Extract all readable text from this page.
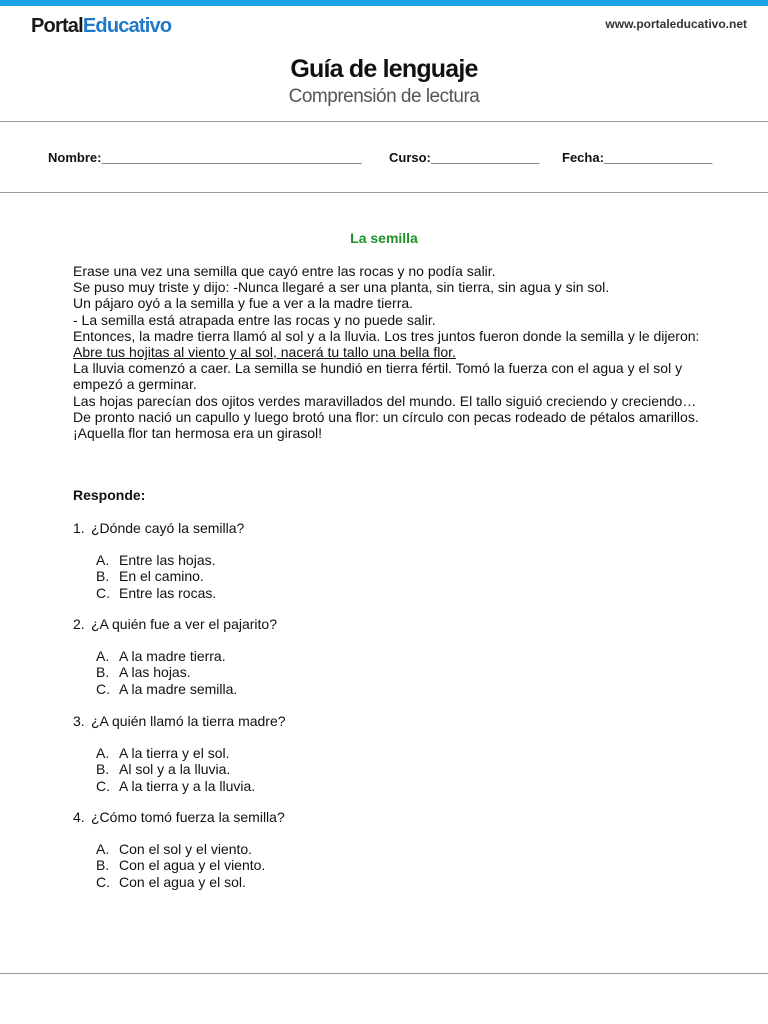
PortalEducativo	www.portaleducativo.net
Guía de lenguaje
Comprensión de lectura
Nombre:____________________________________ Curso:_______________ Fecha:_______________
La semilla

Erase una vez una semilla que cayó entre las rocas y no podía salir.

Se puso muy triste y dijo: -Nunca llegaré a ser una planta, sin tierra, sin agua y sin sol.

Un pájaro oyó a la semilla y fue a ver a la madre tierra.

- La semilla está atrapada entre las rocas y no puede salir.

Entonces, la madre tierra llamó al sol y a la lluvia. Los tres juntos fueron donde la semilla y le dijeron:

Abre tus hojitas al viento y al sol, nacerá tu tallo una bella flor.

La lluvia comenzó a caer. La semilla se hundió en tierra fértil. Tomó la fuerza con el agua y el sol y empezó a germinar.

Las hojas parecían dos ojitos verdes maravillados del mundo. El tallo siguió creciendo y creciendo… De pronto nació un capullo y luego brotó una flor: un círculo con pecas rodeado de pétalos amarillos.

¡Aquella flor tan hermosa era un girasol!

Responde:
1. ¿Dónde cayó la semilla?
A. Entre las hojas.
B. En el camino.
C. Entre las rocas.
2. ¿A quién fue a ver el pajarito?
A. A la madre tierra.
B. A las hojas.
C. A la madre semilla.
3. ¿A quién llamó la tierra madre?
A. A la tierra y el sol.
B. Al sol y a la lluvia.
C. A la tierra y a la lluvia.
4. ¿Cómo tomó fuerza la semilla?
A. Con el sol y el viento.
B. Con el agua y el viento.
C. Con el agua y el sol.
